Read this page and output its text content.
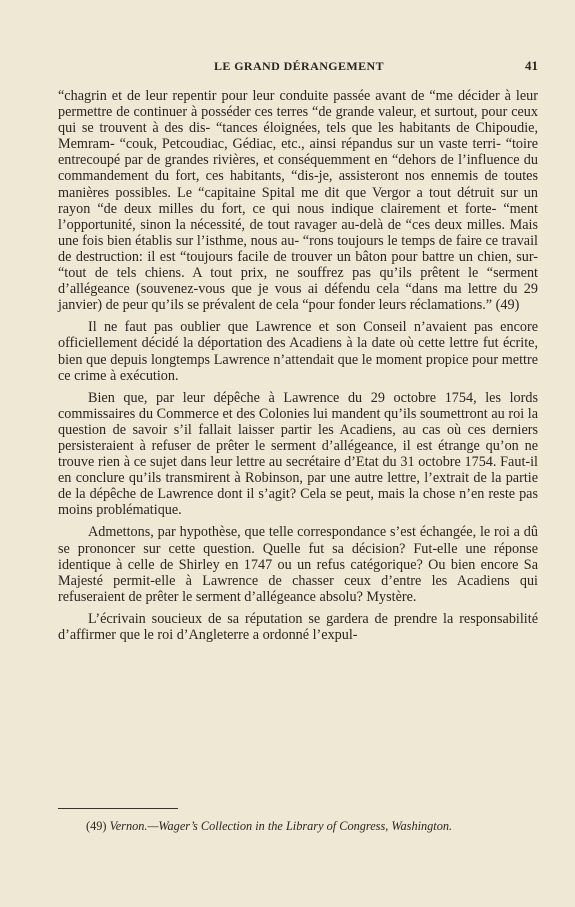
LE GRAND DÉRANGEMENT	41

“chagrin et de leur repentir pour leur conduite passée avant de “me décider à leur permettre de continuer à posséder ces terres “de grande valeur, et surtout, pour ceux qui se trouvent à des dis- “tances éloignées, tels que les habitants de Chipoudie, Memram- “couk, Petcoudiac, Gédiac, etc., ainsi répandus sur un vaste terri- “toire entrecoupé par de grandes rivières, et conséquemment en “dehors de l’influence du commandement du fort, ces habitants, “dis-je, assisteront nos ennemis de toutes manières possibles. Le “capitaine Spital me dit que Vergor a tout détruit sur un rayon “de deux milles du fort, ce qui nous indique clairement et forte- “ment l’opportunité, sinon la nécessité, de tout ravager au-delà de “ces deux milles. Mais une fois bien établis sur l’isthme, nous au- “rons toujours le temps de faire ce travail de destruction: il est “toujours facile de trouver un bâton pour battre un chien, sur- “tout de tels chiens. A tout prix, ne souffrez pas qu’ils prêtent le “serment d’allégeance (souvenez-vous que je vous ai défendu cela “dans ma lettre du 29 janvier) de peur qu’ils se prévalent de cela “pour fonder leurs réclamations.” (49)

Il ne faut pas oublier que Lawrence et son Conseil n’avaient pas encore officiellement décidé la déportation des Acadiens à la date où cette lettre fut écrite, bien que depuis longtemps Lawrence n’attendait que le moment propice pour mettre ce crime à exécution.

Bien que, par leur dépêche à Lawrence du 29 octobre 1754, les lords commissaires du Commerce et des Colonies lui mandent qu’ils soumettront au roi la question de savoir s’il fallait laisser partir les Acadiens, au cas où ces derniers persisteraient à refuser de prêter le serment d’allégeance, il est étrange qu’on ne trouve rien à ce sujet dans leur lettre au secrétaire d’Etat du 31 octobre 1754. Faut-il en conclure qu’ils transmirent à Robinson, par une autre lettre, l’extrait de la partie de la dépêche de Lawrence dont il s’agit? Cela se peut, mais la chose n’en reste pas moins problématique.

Admettons, par hypothèse, que telle correspondance s’est échangée, le roi a dû se prononcer sur cette question. Quelle fut sa décision? Fut-elle une réponse identique à celle de Shirley en 1747 ou un refus catégorique? Ou bien encore Sa Majesté permit-elle à Lawrence de chasser ceux d’entre les Acadiens qui refuseraient de prêter le serment d’allégeance absolu? Mystère.

L’écrivain soucieux de sa réputation se gardera de prendre la responsabilité d’affirmer que le roi d’Angleterre a ordonné l’expul-

(49) Vernon.—Wager’s Collection in the Library of Congress, Washington.
